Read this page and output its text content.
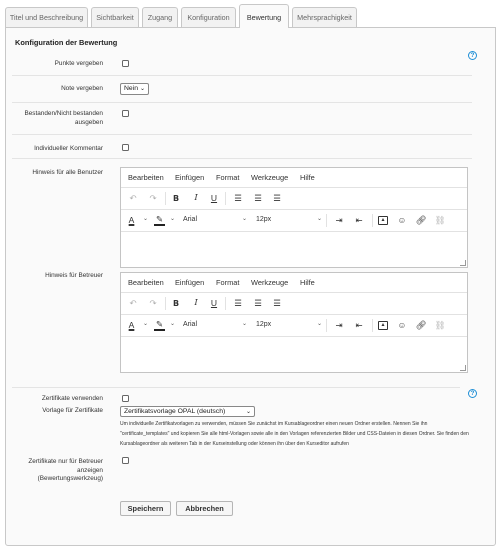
Titel und Beschreibung	Sichtbarkeit	Zugang	Konfiguration	Bewertung	Mehrsprachigkeit
Konfiguration der Bewertung
?
Punkte vergeben
Note vergeben	Nein ⌄
Bestanden/Nicht bestanden ausgeben
Individueller Kommentar
Hinweis für alle Benutzer
Bearbeiten Einfügen Format Werkzeuge Hilfe
↶ ↷	B	I	U ☰ ☰ ☰
A	⌄ ✎	⌄ Arial	⌄ 12px	⌄ ⇥ ⇤	▴	☺ 🔗︎ ⛓
Hinweis für Betreuer
Bearbeiten Einfügen Format Werkzeuge Hilfe
↶ ↷	B	I	U ☰ ☰ ☰
A	⌄ ✎	⌄ Arial	⌄ 12px	⌄ ⇥ ⇤	▴	☺ 🔗︎ ⛓
?
Zertifikate verwenden
Vorlage für Zertifikate	Zertifikatsvorlage OPAL (deutsch)	⌄
Um individuelle Zertifikatvorlagen zu verwenden, müssen Sie zunächst im Kursablageordner einen neuen Ordner erstellen. Nennen Sie ihn "certificate_templates" und kopieren Sie alle html-Vorlagen sowie alle in den Vorlagen referenzierten Bilder und CSS-Dateien in diesen Ordner. Sie finden den Kursablageordner als weiteren Tab in der Kurseinstellung oder können ihn über den Kurseditor aufrufen
Zertifikate nur für Betreuer anzeigen (Bewertungswerkzeug)
Speichern	Abbrechen
